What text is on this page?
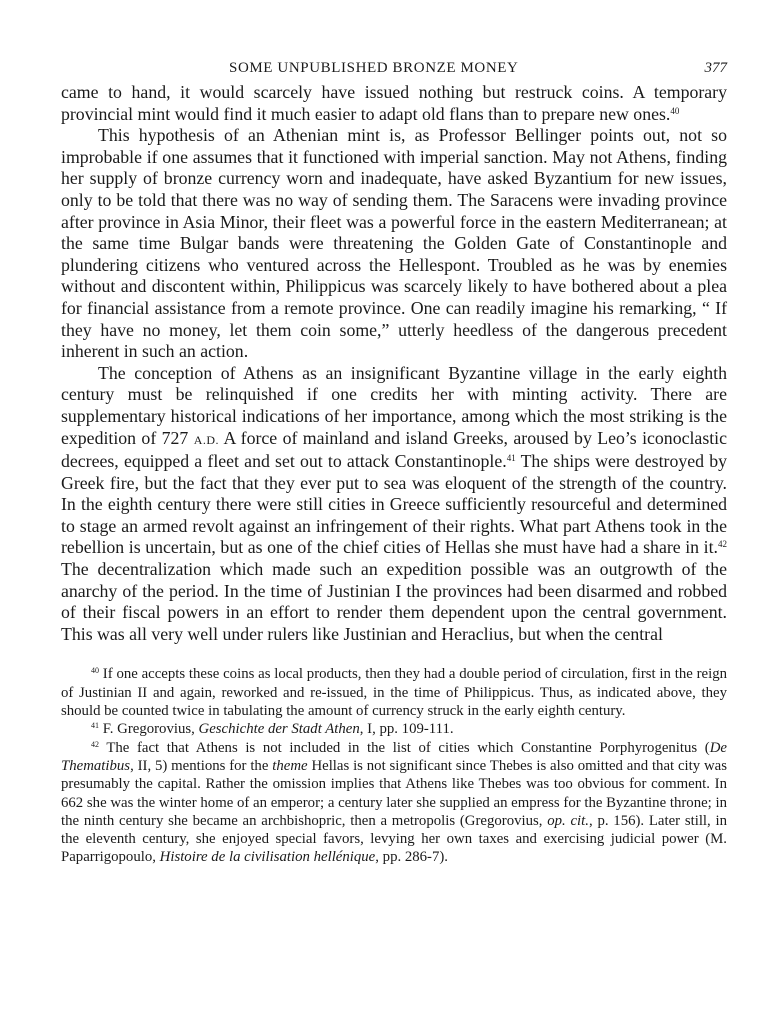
SOME UNPUBLISHED BRONZE MONEY	377

came to hand, it would scarcely have issued nothing but restruck coins. A temporary provincial mint would find it much easier to adapt old flans than to prepare new ones.$^{40}$

This hypothesis of an Athenian mint is, as Professor Bellinger points out, not so improbable if one assumes that it functioned with imperial sanction. May not Athens, finding her supply of bronze currency worn and inadequate, have asked Byzantium for new issues, only to be told that there was no way of sending them. The Saracens were invading province after province in Asia Minor, their fleet was a powerful force in the eastern Mediterranean; at the same time Bulgar bands were threatening the Golden Gate of Constantinople and plundering citizens who ventured across the Hellespont. Troubled as he was by enemies without and discontent within, Philippicus was scarcely likely to have bothered about a plea for financial assistance from a remote province. One can readily imagine his remarking, “ If they have no money, let them coin some,” utterly heedless of the dangerous precedent inherent in such an action.

The conception of Athens as an insignificant Byzantine village in the early eighth century must be relinquished if one credits her with minting activity. There are supplementary historical indications of her importance, among which the most striking is the expedition of 727 A.D. A force of mainland and island Greeks, aroused by Leo’s iconoclastic decrees, equipped a fleet and set out to attack Constantinople.$^{41}$ The ships were destroyed by Greek fire, but the fact that they ever put to sea was eloquent of the strength of the country. In the eighth century there were still cities in Greece sufficiently resourceful and determined to stage an armed revolt against an infringement of their rights. What part Athens took in the rebellion is uncertain, but as one of the chief cities of Hellas she must have had a share in it.$^{42}$ The decentralization which made such an expedition possible was an outgrowth of the anarchy of the period. In the time of Justinian I the provinces had been disarmed and robbed of their fiscal powers in an effort to render them dependent upon the central government. This was all very well under rulers like Justinian and Heraclius, but when the central

$^{40}$ If one accepts these coins as local products, then they had a double period of circulation, first in the reign of Justinian II and again, reworked and re-issued, in the time of Philippicus. Thus, as indicated above, they should be counted twice in tabulating the amount of currency struck in the early eighth century.

$^{41}$ F. Gregorovius, Geschichte der Stadt Athen, I, pp. 109-111.

$^{42}$ The fact that Athens is not included in the list of cities which Constantine Porphyrogenitus (De Thematibus, II, 5) mentions for the theme Hellas is not significant since Thebes is also omitted and that city was presumably the capital. Rather the omission implies that Athens like Thebes was too obvious for comment. In 662 she was the winter home of an emperor; a century later she supplied an empress for the Byzantine throne; in the ninth century she became an archbishopric, then a metropolis (Gregorovius, op. cit., p. 156). Later still, in the eleventh century, she enjoyed special favors, levying her own taxes and exercising judicial power (M. Paparrigopoulo, Histoire de la civilisation hellénique, pp. 286-7).
